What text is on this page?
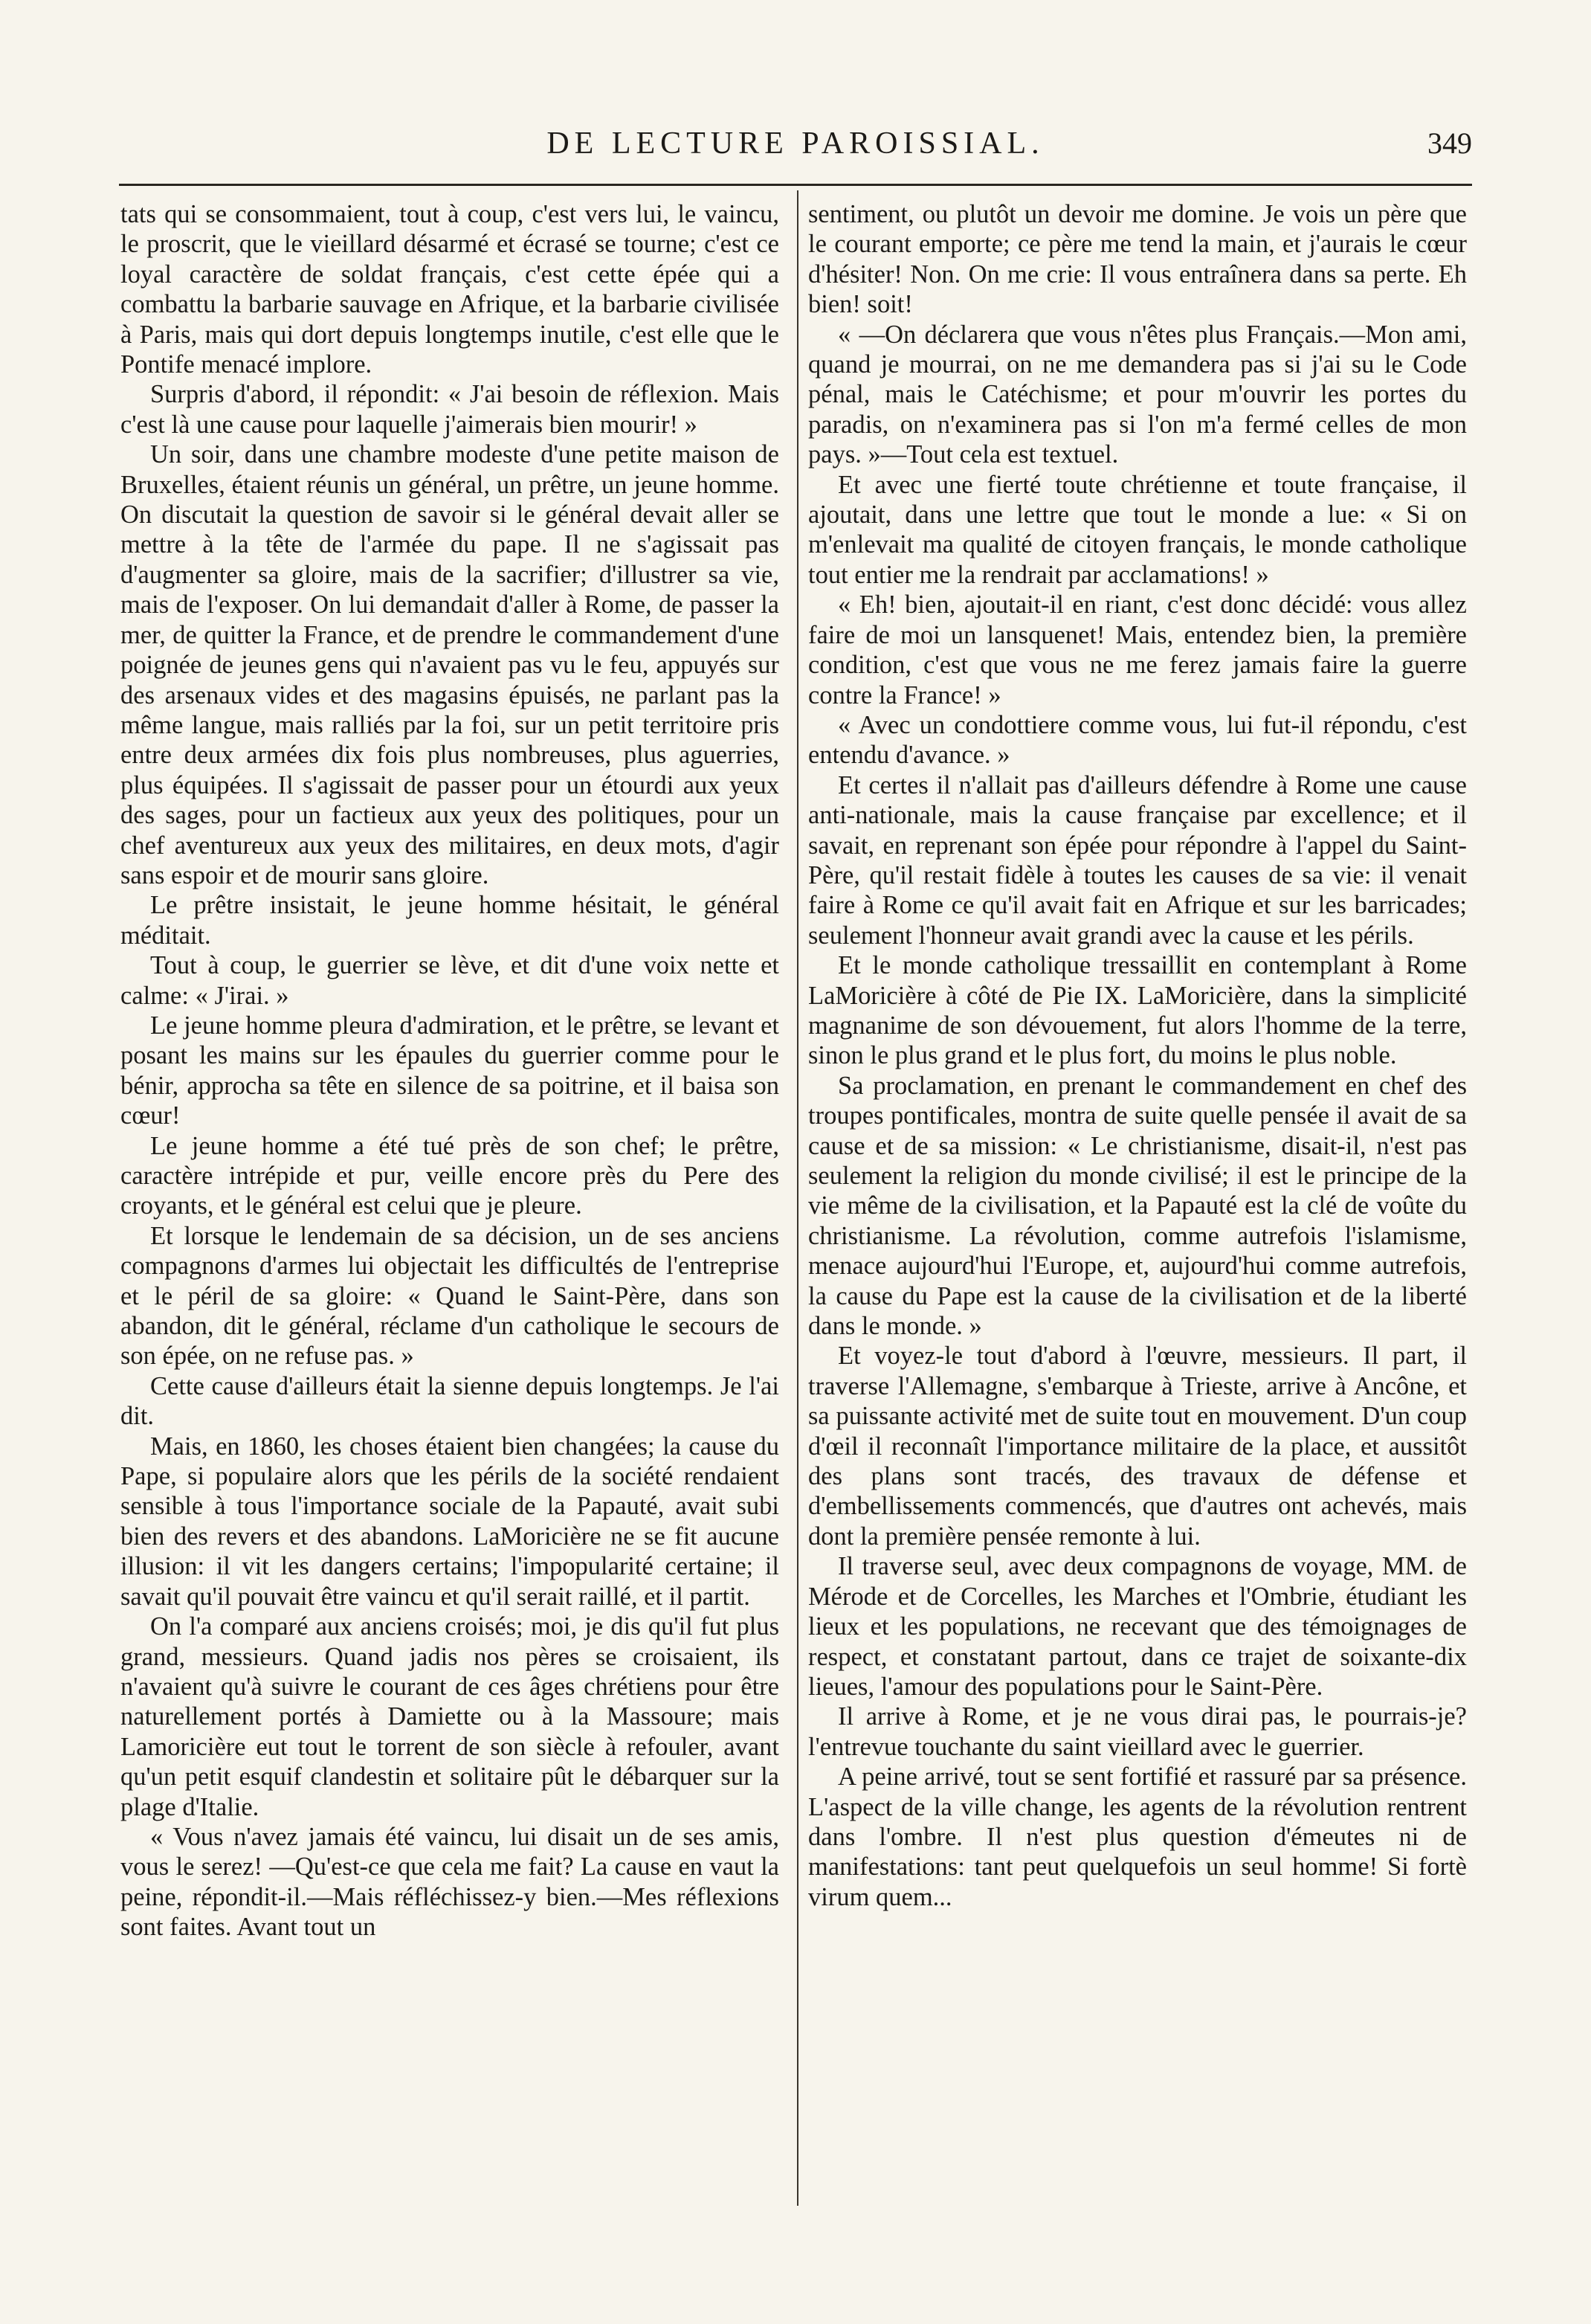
DE LECTURE PAROISSIAL.	349

tats qui se consommaient, tout à coup, c'est vers lui, le vaincu, le proscrit, que le vieillard désarmé et écrasé se tourne; c'est ce loyal caractère de soldat français, c'est cette épée qui a combattu la barbarie sauvage en Afrique, et la barbarie civilisée à Paris, mais qui dort depuis longtemps inutile, c'est elle que le Pontife menacé implore.

Surpris d'abord, il répondit: « J'ai besoin de réflexion. Mais c'est là une cause pour laquelle j'aimerais bien mourir! »

Un soir, dans une chambre modeste d'une petite maison de Bruxelles, étaient réunis un général, un prêtre, un jeune homme. On discutait la question de savoir si le général devait aller se mettre à la tête de l'armée du pape. Il ne s'agissait pas d'augmenter sa gloire, mais de la sacrifier; d'illustrer sa vie, mais de l'exposer. On lui demandait d'aller à Rome, de passer la mer, de quitter la France, et de prendre le commandement d'une poignée de jeunes gens qui n'avaient pas vu le feu, appuyés sur des arsenaux vides et des magasins épuisés, ne parlant pas la même langue, mais ralliés par la foi, sur un petit territoire pris entre deux armées dix fois plus nombreuses, plus aguerries, plus équipées. Il s'agissait de passer pour un étourdi aux yeux des sages, pour un factieux aux yeux des politiques, pour un chef aventureux aux yeux des militaires, en deux mots, d'agir sans espoir et de mourir sans gloire.

Le prêtre insistait, le jeune homme hésitait, le général méditait.

Tout à coup, le guerrier se lève, et dit d'une voix nette et calme: « J'irai. »

Le jeune homme pleura d'admiration, et le prêtre, se levant et posant les mains sur les épaules du guerrier comme pour le bénir, approcha sa tête en silence de sa poitrine, et il baisa son cœur!

Le jeune homme a été tué près de son chef; le prêtre, caractère intrépide et pur, veille encore près du Pere des croyants, et le général est celui que je pleure.

Et lorsque le lendemain de sa décision, un de ses anciens compagnons d'armes lui objectait les difficultés de l'entreprise et le péril de sa gloire: « Quand le Saint-Père, dans son abandon, dit le général, réclame d'un catholique le secours de son épée, on ne refuse pas. »

Cette cause d'ailleurs était la sienne depuis longtemps. Je l'ai dit.

Mais, en 1860, les choses étaient bien changées; la cause du Pape, si populaire alors que les périls de la société rendaient sensible à tous l'importance sociale de la Papauté, avait subi bien des revers et des abandons. LaMoricière ne se fit aucune illusion: il vit les dangers certains; l'impopularité certaine; il savait qu'il pouvait être vaincu et qu'il serait raillé, et il partit.

On l'a comparé aux anciens croisés; moi, je dis qu'il fut plus grand, messieurs. Quand jadis nos pères se croisaient, ils n'avaient qu'à suivre le courant de ces âges chrétiens pour être naturellement portés à Damiette ou à la Massoure; mais Lamoricière eut tout le torrent de son siècle à refouler, avant qu'un petit esquif clandestin et solitaire pût le débarquer sur la plage d'Italie.

« Vous n'avez jamais été vaincu, lui disait un de ses amis, vous le serez! —Qu'est-ce que cela me fait? La cause en vaut la peine, répondit-il.—Mais réfléchissez-y bien.—Mes réflexions sont faites. Avant tout un

sentiment, ou plutôt un devoir me domine. Je vois un père que le courant emporte; ce père me tend la main, et j'aurais le cœur d'hésiter! Non. On me crie: Il vous entraînera dans sa perte. Eh bien! soit!

« —On déclarera que vous n'êtes plus Français.—Mon ami, quand je mourrai, on ne me demandera pas si j'ai su le Code pénal, mais le Catéchisme; et pour m'ouvrir les portes du paradis, on n'examinera pas si l'on m'a fermé celles de mon pays. »—Tout cela est textuel.

Et avec une fierté toute chrétienne et toute française, il ajoutait, dans une lettre que tout le monde a lue: « Si on m'enlevait ma qualité de citoyen français, le monde catholique tout entier me la rendrait par acclamations! »

« Eh! bien, ajoutait-il en riant, c'est donc décidé: vous allez faire de moi un lansquenet! Mais, entendez bien, la première condition, c'est que vous ne me ferez jamais faire la guerre contre la France! »

« Avec un condottiere comme vous, lui fut-il répondu, c'est entendu d'avance. »

Et certes il n'allait pas d'ailleurs défendre à Rome une cause anti-nationale, mais la cause française par excellence; et il savait, en reprenant son épée pour répondre à l'appel du Saint-Père, qu'il restait fidèle à toutes les causes de sa vie: il venait faire à Rome ce qu'il avait fait en Afrique et sur les barricades; seulement l'honneur avait grandi avec la cause et les périls.

Et le monde catholique tressaillit en contemplant à Rome LaMoricière à côté de Pie IX. LaMoricière, dans la simplicité magnanime de son dévouement, fut alors l'homme de la terre, sinon le plus grand et le plus fort, du moins le plus noble.

Sa proclamation, en prenant le commandement en chef des troupes pontificales, montra de suite quelle pensée il avait de sa cause et de sa mission: « Le christianisme, disait-il, n'est pas seulement la religion du monde civilisé; il est le principe de la vie même de la civilisation, et la Papauté est la clé de voûte du christianisme. La révolution, comme autrefois l'islamisme, menace aujourd'hui l'Europe, et, aujourd'hui comme autrefois, la cause du Pape est la cause de la civilisation et de la liberté dans le monde. »

Et voyez-le tout d'abord à l'œuvre, messieurs. Il part, il traverse l'Allemagne, s'embarque à Trieste, arrive à Ancône, et sa puissante activité met de suite tout en mouvement. D'un coup d'œil il reconnaît l'importance militaire de la place, et aussitôt des plans sont tracés, des travaux de défense et d'embellissements commencés, que d'autres ont achevés, mais dont la première pensée remonte à lui.

Il traverse seul, avec deux compagnons de voyage, MM. de Mérode et de Corcelles, les Marches et l'Ombrie, étudiant les lieux et les populations, ne recevant que des témoignages de respect, et constatant partout, dans ce trajet de soixante-dix lieues, l'amour des populations pour le Saint-Père.

Il arrive à Rome, et je ne vous dirai pas, le pourrais-je? l'entrevue touchante du saint vieillard avec le guerrier.

A peine arrivé, tout se sent fortifié et rassuré par sa présence. L'aspect de la ville change, les agents de la révolution rentrent dans l'ombre. Il n'est plus question d'émeutes ni de manifestations: tant peut quelquefois un seul homme! Si fortè virum quem...
